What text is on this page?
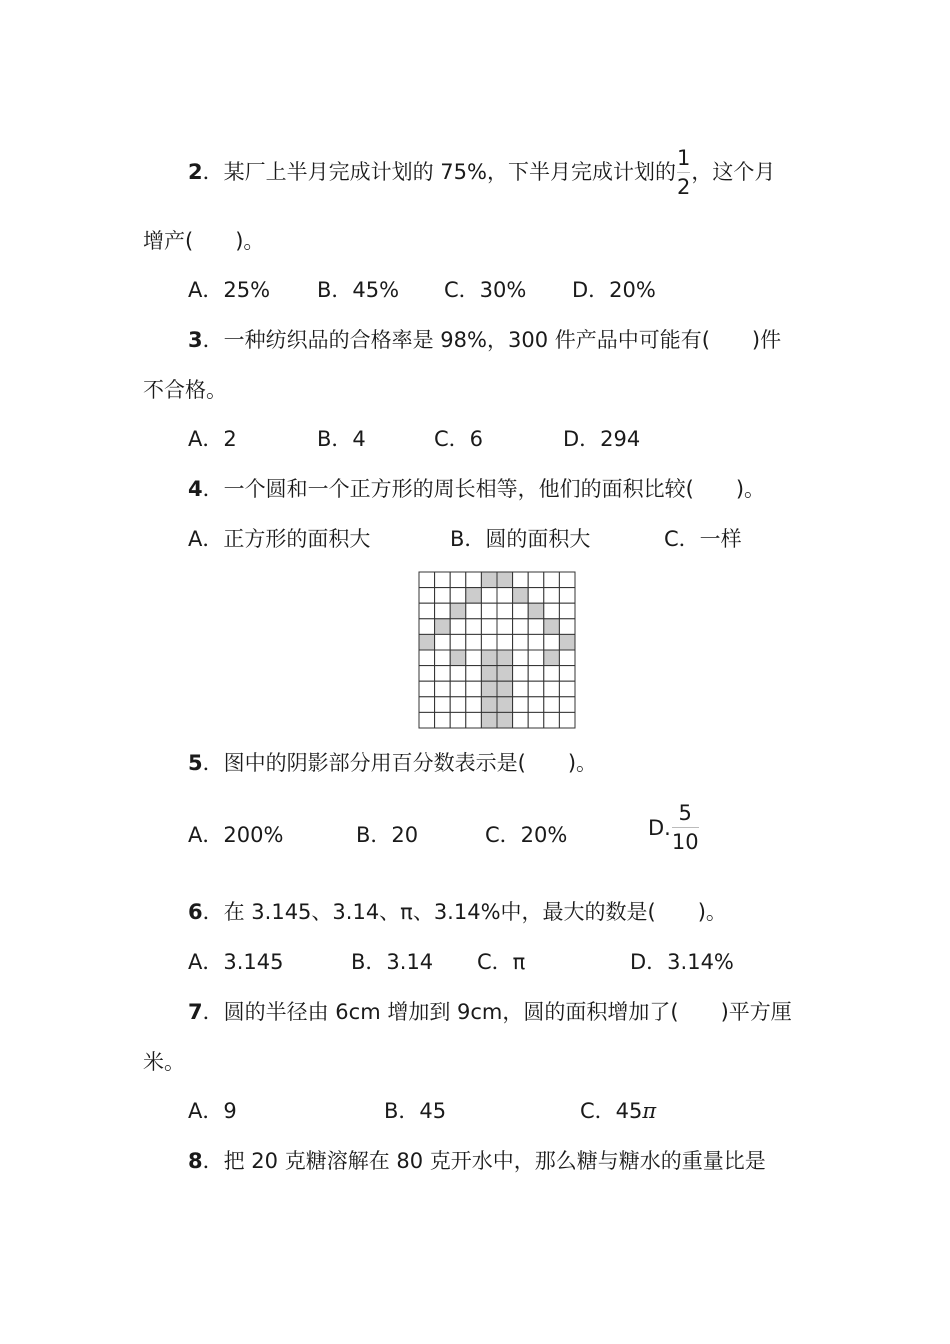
2．某厂上半月完成计划的 75%，下半月完成计划的 $\frac{1}{2}$ ，这个月
增产(　　)。
A．25% B．45% C．30% D．20%
3．一种纺织品的合格率是 98%，300 件产品中可能有(　　)件
不合格。
A．2	B．4	C．6	D．294
4．一个圆和一个正方形的周长相等，他们的面积比较(　　)。
A．正方形的面积大	B．圆的面积大	C．一样
5．图中的阴影部分用百分数表示是(　　)。
A．200%	B．20	C．20%	D. $\frac{5}{10}$
6．在 3.145、3.14、π、3.14%中，最大的数是(　　)。
A．3.145	B．3.14 C．π	D．3.14%
7．圆的半径由 6cm 增加到 9cm，圆的面积增加了(　　)平方厘
米。
A．9	B．45	C．45π
8．把 20 克糖溶解在 80 克开水中，那么糖与糖水的重量比是
